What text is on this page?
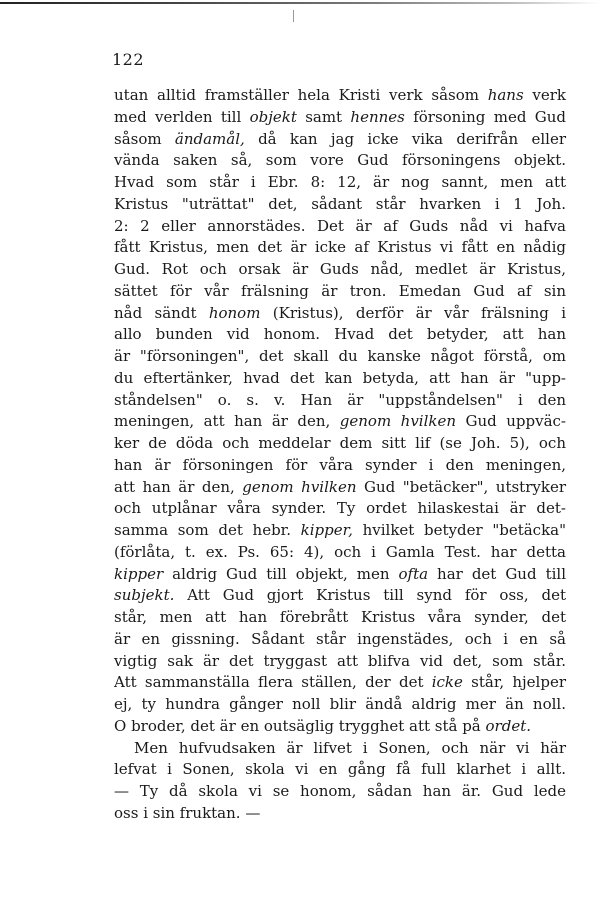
122
utan alltid framställer hela Kristi verk såsom hans verk
med verlden till objekt samt hennes försoning med Gud
såsom ändamål, då kan jag icke vika derifrån eller
vända saken så, som vore Gud försoningens objekt.
Hvad som står i Ebr. 8: 12, är nog sannt, men att
Kristus "uträttat" det, sådant står hvarken i 1 Joh.
2: 2 eller annorstädes. Det är af Guds nåd vi hafva
fått Kristus, men det är icke af Kristus vi fått en nådig
Gud. Rot och orsak är Guds nåd, medlet är Kristus,
sättet för vår frälsning är tron. Emedan Gud af sin
nåd sändt honom (Kristus), derför är vår frälsning i
allo bunden vid honom. Hvad det betyder, att han
är "försoningen", det skall du kanske något förstå, om
du eftertänker, hvad det kan betyda, att han är "upp-
ståndelsen" o. s. v. Han är "uppståndelsen" i den
meningen, att han är den, genom hvilken Gud uppväc-
ker de döda och meddelar dem sitt lif (se Joh. 5), och
han är försoningen för våra synder i den meningen,
att han är den, genom hvilken Gud "betäcker", utstryker
och utplånar våra synder. Ty ordet hilaskestai är det-
samma som det hebr. kipper, hvilket betyder "betäcka"
(förlåta, t. ex. Ps. 65: 4), och i Gamla Test. har detta
kipper aldrig Gud till objekt, men ofta har det Gud till
subjekt. Att Gud gjort Kristus till synd för oss, det
står, men att han förebrått Kristus våra synder, det
är en gissning. Sådant står ingenstädes, och i en så
vigtig sak är det tryggast att blifva vid det, som står.
Att sammanställa flera ställen, der det icke står, hjelper
ej, ty hundra gånger noll blir ändå aldrig mer än noll.
O broder, det är en outsäglig trygghet att stå på ordet.
Men hufvudsaken är lifvet i Sonen, och när vi här
lefvat i Sonen, skola vi en gång få full klarhet i allt.
— Ty då skola vi se honom, sådan han är. Gud lede
oss i sin fruktan. —
